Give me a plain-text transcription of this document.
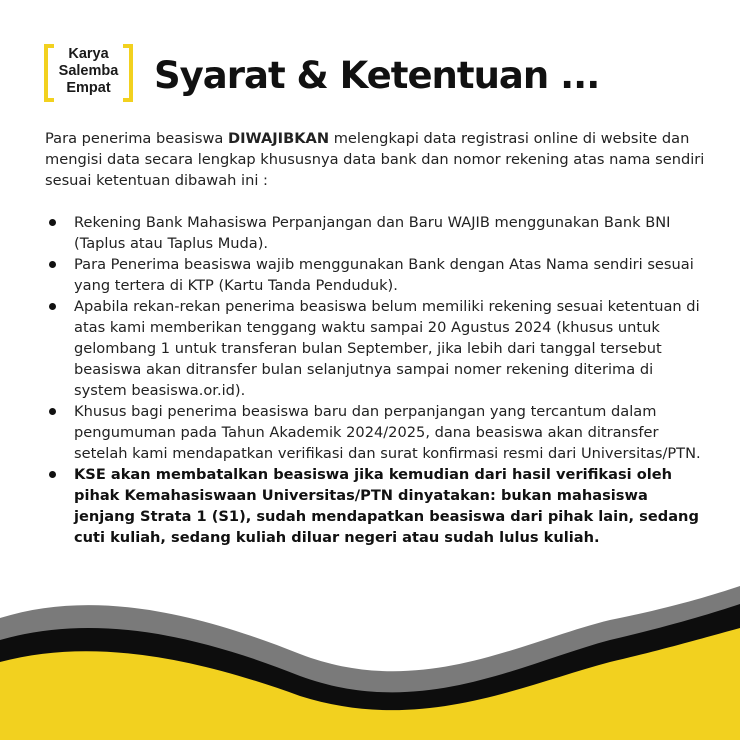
Karya
Salemba
Empat	Syarat & Ketentuan ...

Para penerima beasiswa DIWAJIBKAN melengkapi data registrasi online di website dan mengisi data secara lengkap khususnya data bank dan nomor rekening atas nama sendiri sesuai ketentuan dibawah ini :

Rekening Bank Mahasiswa Perpanjangan dan Baru WAJIB menggunakan Bank BNI (Taplus atau Taplus Muda).
Para Penerima beasiswa wajib menggunakan Bank dengan Atas Nama sendiri sesuai yang tertera di KTP (Kartu Tanda Penduduk).
Apabila rekan-rekan penerima beasiswa belum memiliki rekening sesuai ketentuan di atas kami memberikan tenggang waktu sampai 20 Agustus 2024 (khusus untuk gelombang 1 untuk transferan bulan September, jika lebih dari tanggal tersebut beasiswa akan ditransfer bulan selanjutnya sampai nomer rekening diterima di system beasiswa.or.id).
Khusus bagi penerima beasiswa baru dan perpanjangan yang tercantum dalam pengumuman pada Tahun Akademik 2024/2025, dana beasiswa akan ditransfer setelah kami mendapatkan verifikasi dan surat konfirmasi resmi dari Universitas/PTN.
KSE akan membatalkan beasiswa jika kemudian dari hasil verifikasi oleh pihak Kemahasiswaan Universitas/PTN dinyatakan: bukan mahasiswa jenjang Strata 1 (S1), sudah mendapatkan beasiswa dari pihak lain, sedang cuti kuliah, sedang kuliah diluar negeri atau sudah lulus kuliah.
